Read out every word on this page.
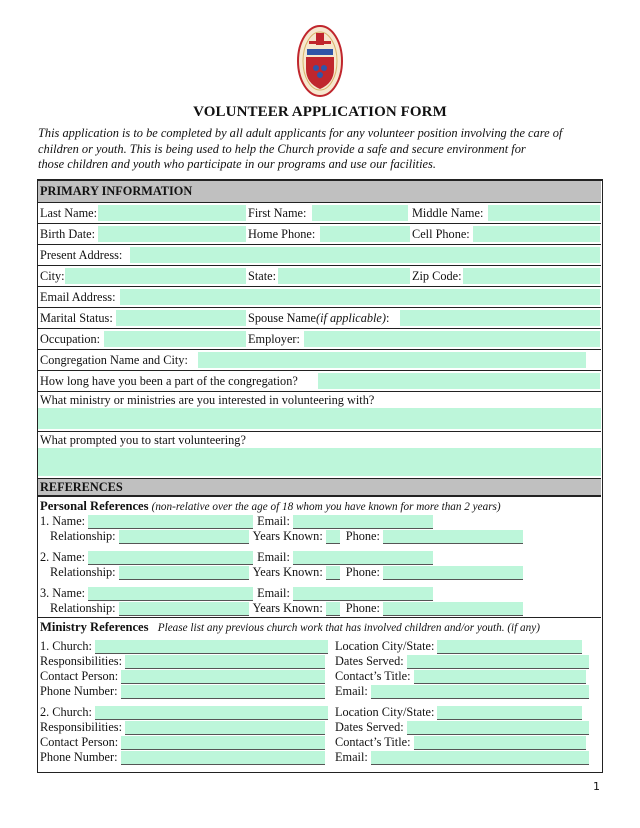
VOLUNTEER APPLICATION FORM
This application is to be completed by all adult applicants for any volunteer position involving the care of
children or youth. This is being used to help the Church provide a safe and secure environment for
those children and youth who participate in our programs and use our facilities.
PRIMARY INFORMATION
Last Name:	First Name:	Middle Name:
Birth Date:	Home Phone:	Cell Phone:
Present Address:
City:	State:	Zip Code:
Email Address:
Marital Status:	Spouse Name (if applicable) :
Occupation:	Employer:
Congregation Name and City:
How long have you been a part of the congregation?
What ministry or ministries are you interested in volunteering with?
What prompted you to start volunteering?
REFERENCES
Personal References (non-relative over the age of 18 whom you have known for more than 2 years)
1. Name:	Email:
Relationship:	Years Known: Phone:
2. Name:	Email:
Relationship:	Years Known: Phone:
3. Name:	Email:
Relationship:	Years Known: Phone:
Ministry References Please list any previous church work that has involved children and/or youth. (if any)
1. Church:	Location City/State:
Responsibilities:	Dates Served:
Contact Person:	Contact’s Title:
Phone Number:	Email:
2. Church:	Location City/State:
Responsibilities:	Dates Served:
Contact Person:	Contact’s Title:
Phone Number:	Email:
1
